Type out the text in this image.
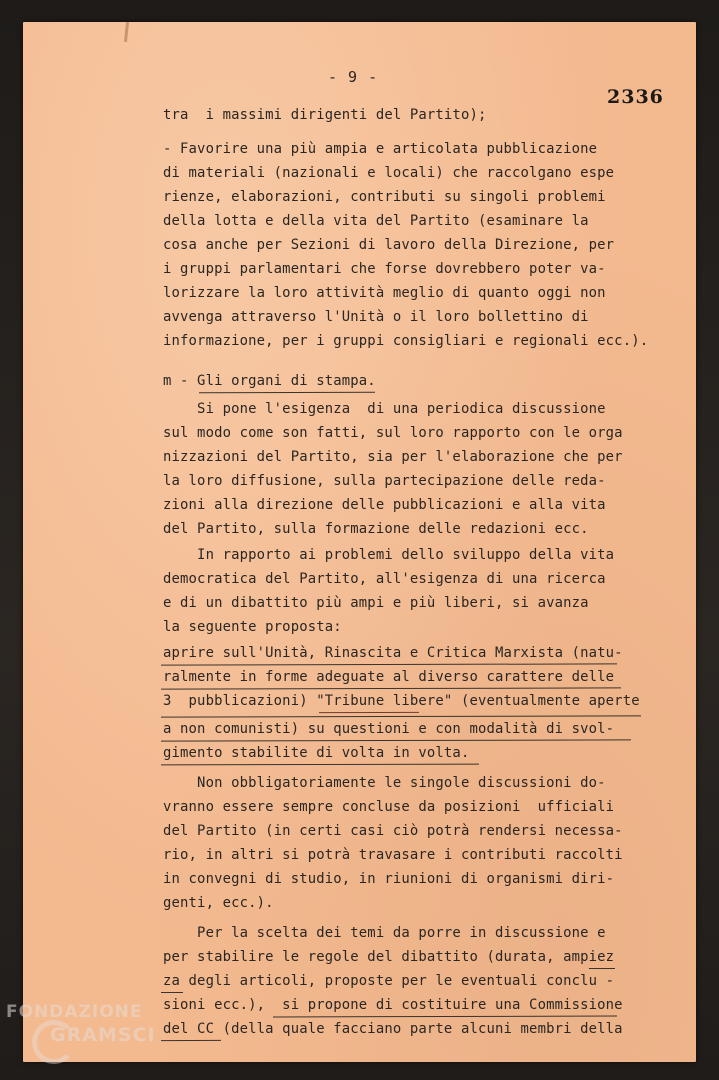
- 9 -
2336
tra  i massimi dirigenti del Partito);
- Favorire una più ampia e articolata pubblicazione
di materiali (nazionali e locali) che raccolgano espe
rienze, elaborazioni, contributi su singoli problemi
della lotta e della vita del Partito (esaminare la
cosa anche per Sezioni di lavoro della Direzione, per
i gruppi parlamentari che forse dovrebbero poter va-
lorizzare la loro attività meglio di quanto oggi non
avvenga attraverso l'Unità o il loro bollettino di
informazione, per i gruppi consigliari e regionali ecc.).
m - Gli organi di stampa.
Si pone l'esigenza  di una periodica discussione
sul modo come son fatti, sul loro rapporto con le orga
nizzazioni del Partito, sia per l'elaborazione che per
la loro diffusione, sulla partecipazione delle reda-
zioni alla direzione delle pubblicazioni e alla vita
del Partito, sulla formazione delle redazioni ecc.
In rapporto ai problemi dello sviluppo della vita
democratica del Partito, all'esigenza di una ricerca
e di un dibattito più ampi e più liberi, si avanza
la seguente proposta:
aprire sull'Unità, Rinascita e Critica Marxista (natu-
ralmente in forme adeguate al diverso carattere delle
3  pubblicazioni) "Tribune libere" (eventualmente aperte
a non comunisti) su questioni e con modalità di svol-
gimento stabilite di volta in volta.
Non obbligatoriamente le singole discussioni do-
vranno essere sempre concluse da posizioni  ufficiali
del Partito (in certi casi ciò potrà rendersi necessa-
rio, in altri si potrà travasare i contributi raccolti
in convegni di studio, in riunioni di organismi diri-
genti, ecc.).
Per la scelta dei temi da porre in discussione e
per stabilire le regole del dibattito (durata, ampiez
za degli articoli, proposte per le eventuali conclu -
sioni ecc.),  si propone di costituire una Commissione
del CC (della quale facciano parte alcuni membri della
FONDAZIONE
GRAMSCI
